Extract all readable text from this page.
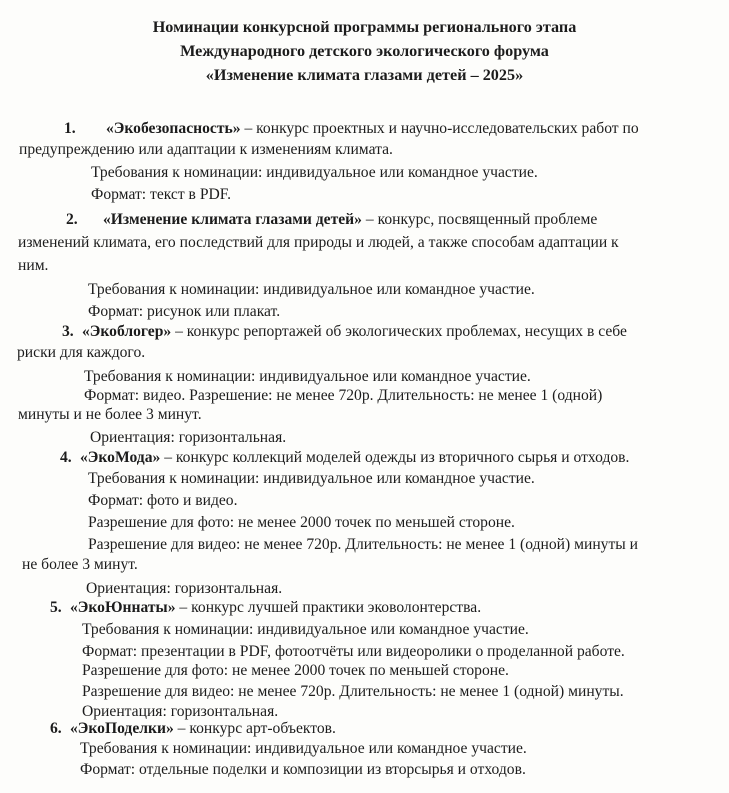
Номинации конкурсной программы регионального этапа
Международного детского экологического форума
«Изменение климата глазами детей – 2025»
1. «Экобезопасность» – конкурс проектных и научно-исследовательских работ по
предупреждению или адаптации к изменениям климата.
Требования к номинации: индивидуальное или командное участие.
Формат: текст в PDF.
2. «Изменение климата глазами детей» – конкурс, посвященный проблеме
изменений климата, его последствий для природы и людей, а также способам адаптации к
ним.
Требования к номинации: индивидуальное или командное участие.
Формат: рисунок или плакат.
3. «Экоблогер» – конкурс репортажей об экологических проблемах, несущих в себе
риски для каждого.
Требования к номинации: индивидуальное или командное участие.
Формат: видео. Разрешение: не менее 720р. Длительность: не менее 1 (одной)
минуты и не более 3 минут.
Ориентация: горизонтальная.
4. «ЭкоМода» – конкурс коллекций моделей одежды из вторичного сырья и отходов.
Требования к номинации: индивидуальное или командное участие.
Формат: фото и видео.
Разрешение для фото: не менее 2000 точек по меньшей стороне.
Разрешение для видео: не менее 720р. Длительность: не менее 1 (одной) минуты и
не более 3 минут.
Ориентация: горизонтальная.
5. «ЭкоЮннаты» – конкурс лучшей практики эковолонтерства.
Требования к номинации: индивидуальное или командное участие.
Формат: презентации в PDF, фотоотчёты или видеоролики о проделанной работе.
Разрешение для фото: не менее 2000 точек по меньшей стороне.
Разрешение для видео: не менее 720р. Длительность: не менее 1 (одной) минуты.
Ориентация: горизонтальная.
6. «ЭкоПоделки» – конкурс арт-объектов.
Требования к номинации: индивидуальное или командное участие.
Формат: отдельные поделки и композиции из вторсырья и отходов.
